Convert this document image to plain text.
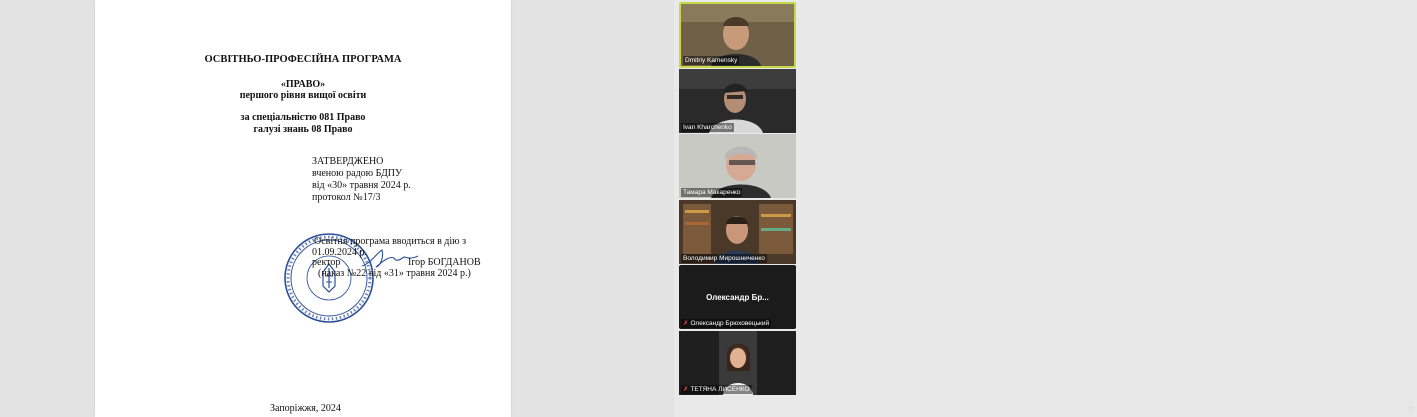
ОСВІТНЬО-ПРОФЕСІЙНА ПРОГРАМА
«ПРАВО»
першого рівня вищої освіти
за спеціальністю 081 Право
галузі знань 08 Право
ЗАТВЕРДЖЕНО
вченою радою БДПУ
від «30» травня 2024 р.
протокол №17/3
Освітня програма вводиться в дію з
01.09.2024 р.
ректор	Ігор БОГДАНОВ
(наказ №22 від «31» травня 2024 р.)
Запоріжжя, 2024
Dmitriy Kamensky
Ivan Kharchenko
Тамара Макаренко
Володимир Мирошниченко
Олександр Бр...
✗ Олександр Брюховецький
✗ ТЕТЯНА ЛИСЕНКО
▼
